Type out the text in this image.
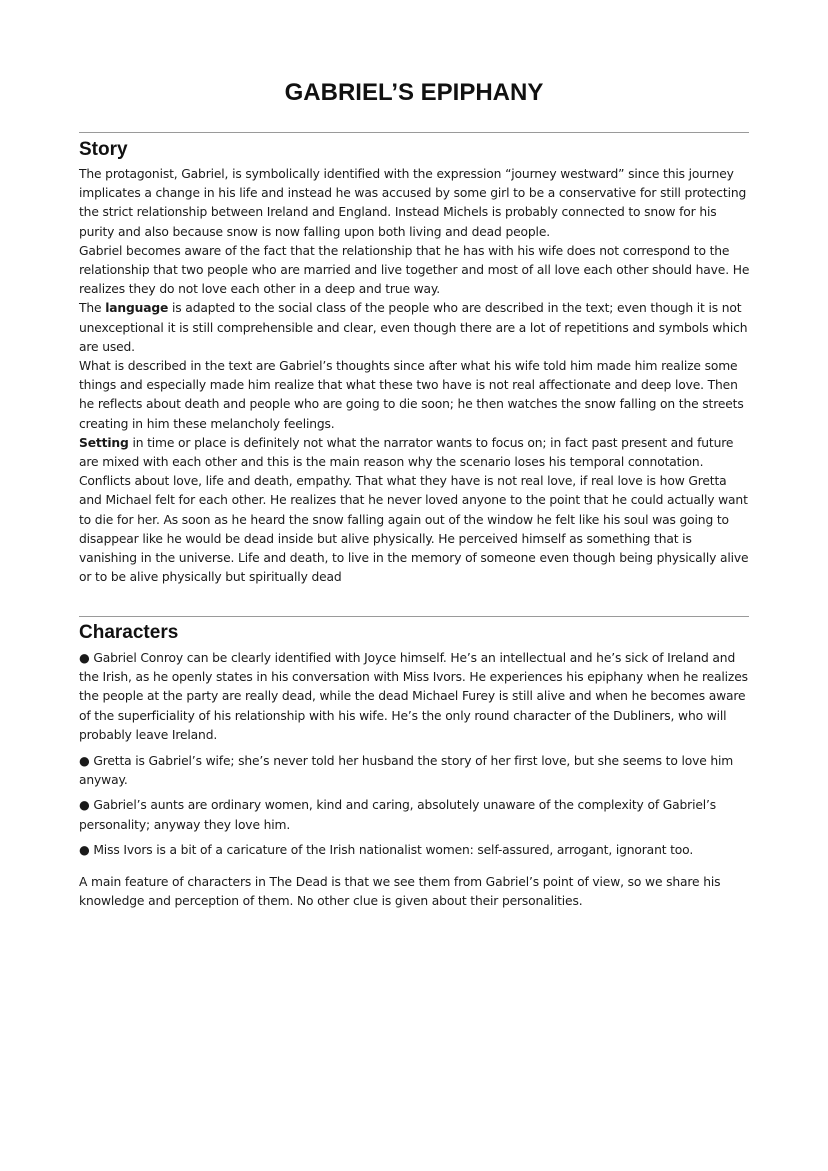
GABRIEL’S EPIPHANY
Story

The protagonist, Gabriel, is symbolically identified with the expression “journey westward” since this journey implicates a change in his life and instead he was accused by some girl to be a conservative for still protecting the strict relationship between Ireland and England. Instead Michels is probably connected to snow for his purity and also because snow is now falling upon both living and dead people.

Gabriel becomes aware of the fact that the relationship that he has with his wife does not correspond to the relationship that two people who are married and live together and most of all love each other should have. He realizes they do not love each other in a deep and true way.

The language is adapted to the social class of the people who are described in the text; even though it is not unexceptional it is still comprehensible and clear, even though there are a lot of repetitions and symbols which are used.

What is described in the text are Gabriel’s thoughts since after what his wife told him made him realize some things and especially made him realize that what these two have is not real affectionate and deep love. Then he reflects about death and people who are going to die soon; he then watches the snow falling on the streets creating in him these melancholy feelings.

Setting in time or place is definitely not what the narrator wants to focus on; in fact past present and future are mixed with each other and this is the main reason why the scenario loses his temporal connotation.

Conflicts about love, life and death, empathy. That what they have is not real love, if real love is how Gretta and Michael felt for each other. He realizes that he never loved anyone to the point that he could actually want to die for her. As soon as he heard the snow falling again out of the window he felt like his soul was going to disappear like he would be dead inside but alive physically. He perceived himself as something that is vanishing in the universe. Life and death, to live in the memory of someone even though being physically alive or to be alive physically but spiritually dead

Characters

● Gabriel Conroy can be clearly identified with Joyce himself. He’s an intellectual and he’s sick of Ireland and the Irish, as he openly states in his conversation with Miss Ivors. He experiences his epiphany when he realizes the people at the party are really dead, while the dead Michael Furey is still alive and when he becomes aware of the superficiality of his relationship with his wife. He’s the only round character of the Dubliners, who will probably leave Ireland.

● Gretta is Gabriel’s wife; she’s never told her husband the story of her first love, but she seems to love him anyway.

● Gabriel’s aunts are ordinary women, kind and caring, absolutely unaware of the complexity of Gabriel’s personality; anyway they love him.

● Miss Ivors is a bit of a caricature of the Irish nationalist women: self-assured, arrogant, ignorant too.

A main feature of characters in The Dead is that we see them from Gabriel’s point of view, so we share his knowledge and perception of them. No other clue is given about their personalities.
